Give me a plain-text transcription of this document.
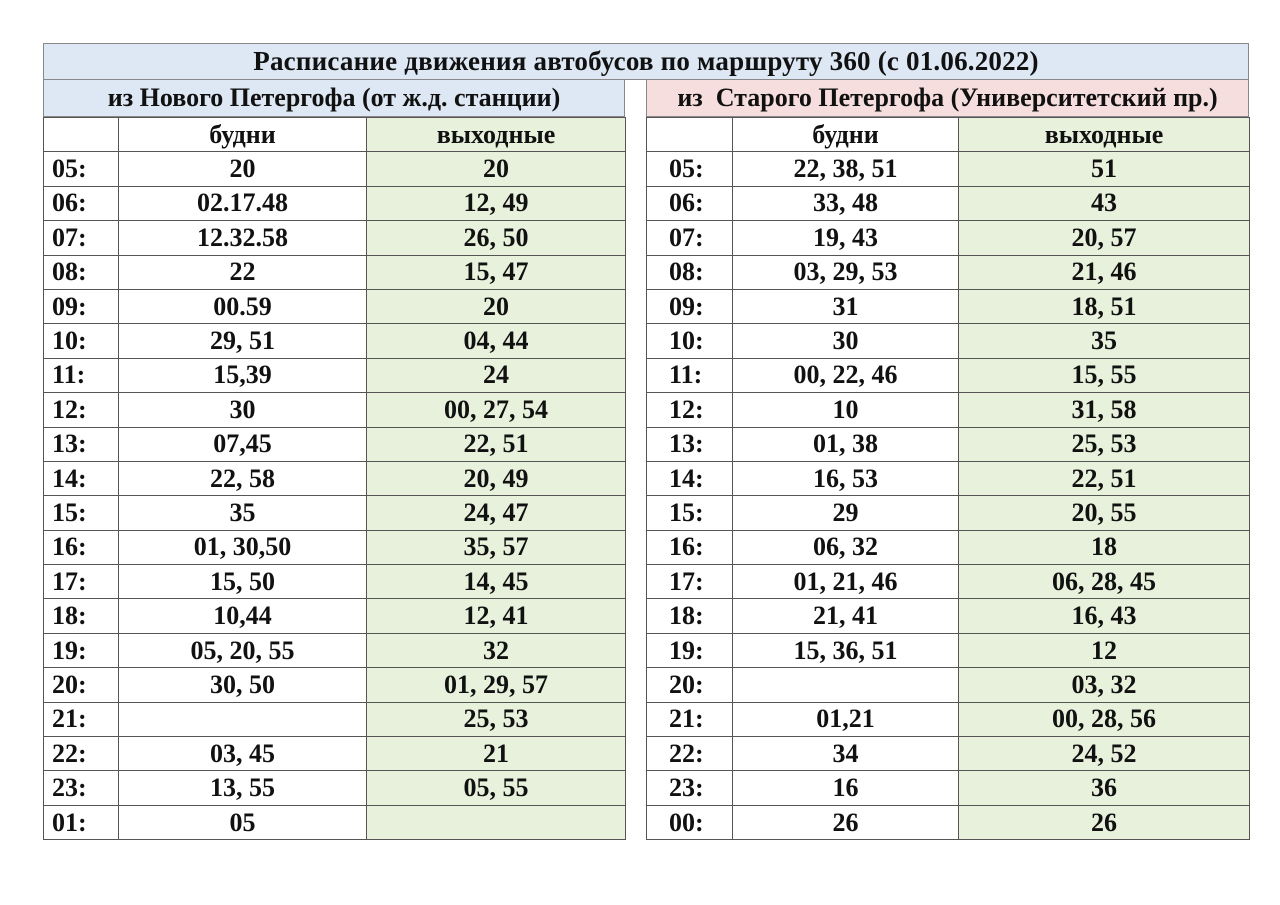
Расписание движения автобусов по маршруту 360 (с 01.06.2022)
из Нового Петергофа (от ж.д. станции)	из  Старого Петергофа (Университетский пр.)
	будни	выходные
05:	20	20
06:	02.17.48	12, 49
07:	12.32.58	26, 50
08:	22	15, 47
09:	00.59	20
10:	29, 51	04, 44
11:	15,39	24
12:	30	00, 27, 54
13:	07,45	22, 51
14:	22, 58	20, 49
15:	35	24, 47
16:	01, 30,50	35, 57
17:	15, 50	14, 45
18:	10,44	12, 41
19:	05, 20, 55	32
20:	30, 50	01, 29, 57
21:		25, 53
22:	03, 45	21
23:	13, 55	05, 55
01:	05	
	будни	выходные
05:	22, 38, 51	51
06:	33, 48	43
07:	19, 43	20, 57
08:	03, 29, 53	21, 46
09:	31	18, 51
10:	30	35
11:	00, 22, 46	15, 55
12:	10	31, 58
13:	01, 38	25, 53
14:	16, 53	22, 51
15:	29	20, 55
16:	06, 32	18
17:	01, 21, 46	06, 28, 45
18:	21, 41	16, 43
19:	15, 36, 51	12
20:		03, 32
21:	01,21	00, 28, 56
22:	34	24, 52
23:	16	36
00:	26	26
